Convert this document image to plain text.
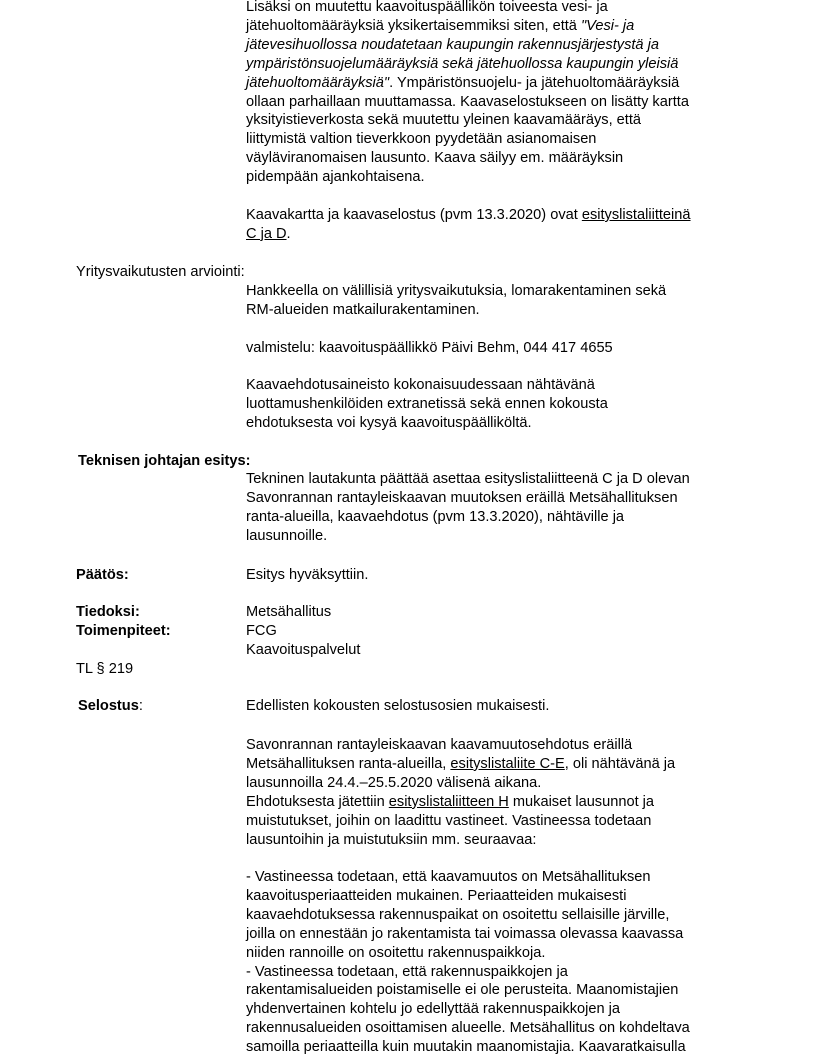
Lisäksi on muutettu kaavoituspäällikön toiveesta vesi- ja
jätehuoltomääräyksiä yksikertaisemmiksi siten, että "Vesi- ja
jätevesihuollossa noudatetaan kaupungin rakennusjärjestystä ja
ympäristönsuojelumääräyksiä sekä jätehuollossa kaupungin yleisiä
jätehuoltomääräyksiä". Ympäristönsuojelu- ja jätehuoltomääräyksiä
ollaan parhaillaan muuttamassa. Kaavaselostukseen on lisätty kartta
yksityistieverkosta sekä muutettu yleinen kaavamääräys, että
liittymistä valtion tieverkkoon pyydetään asianomaisen
väyläviranomaisen lausunto. Kaava säilyy em. määräyksin
pidempään ajankohtaisena.
Kaavakartta ja kaavaselostus (pvm 13.3.2020) ovat esityslistaliitteinä
C ja D.
Yritysvaikutusten arviointi:
Hankkeella on välillisiä yritysvaikutuksia, lomarakentaminen sekä
RM-alueiden matkailurakentaminen.
valmistelu: kaavoituspäällikkö Päivi Behm, 044 417 4655
Kaavaehdotusaineisto kokonaisuudessaan nähtävänä
luottamushenkilöiden extranetissä sekä ennen kokousta
ehdotuksesta voi kysyä kaavoituspäälliköltä.
Teknisen johtajan esitys:
Tekninen lautakunta päättää asettaa esityslistaliitteenä C ja D olevan
Savonrannan rantayleiskaavan muutoksen eräillä Metsähallituksen
ranta-alueilla, kaavaehdotus (pvm 13.3.2020), nähtäville ja
lausunnoille.
Päätös:	Esitys hyväksyttiin.
Tiedoksi:	Metsähallitus
Toimenpiteet:	FCG
Kaavoituspalvelut
TL § 219
Selostus:	Edellisten kokousten selostusosien mukaisesti.
Savonrannan rantayleiskaavan kaavamuutosehdotus eräillä
Metsähallituksen ranta-alueilla, esityslistaliite C-E, oli nähtävänä ja
lausunnoilla 24.4.–25.5.2020 välisenä aikana.
Ehdotuksesta jätettiin esityslistaliitteen H mukaiset lausunnot ja
muistutukset, joihin on laadittu vastineet. Vastineessa todetaan
lausuntoihin ja muistutuksiin mm. seuraavaa:
- Vastineessa todetaan, että kaavamuutos on Metsähallituksen
kaavoitusperiaatteiden mukainen. Periaatteiden mukaisesti
kaavaehdotuksessa rakennuspaikat on osoitettu sellaisille järville,
joilla on ennestään jo rakentamista tai voimassa olevassa kaavassa
niiden rannoille on osoitettu rakennuspaikkoja.
- Vastineessa todetaan, että rakennuspaikkojen ja
rakentamisalueiden poistamiselle ei ole perusteita. Maanomistajien
yhdenvertainen kohtelu jo edellyttää rakennuspaikkojen ja
rakennusalueiden osoittamisen alueelle. Metsähallitus on kohdeltava
samoilla periaatteilla kuin muutakin maanomistajia. Kaavaratkaisulla
